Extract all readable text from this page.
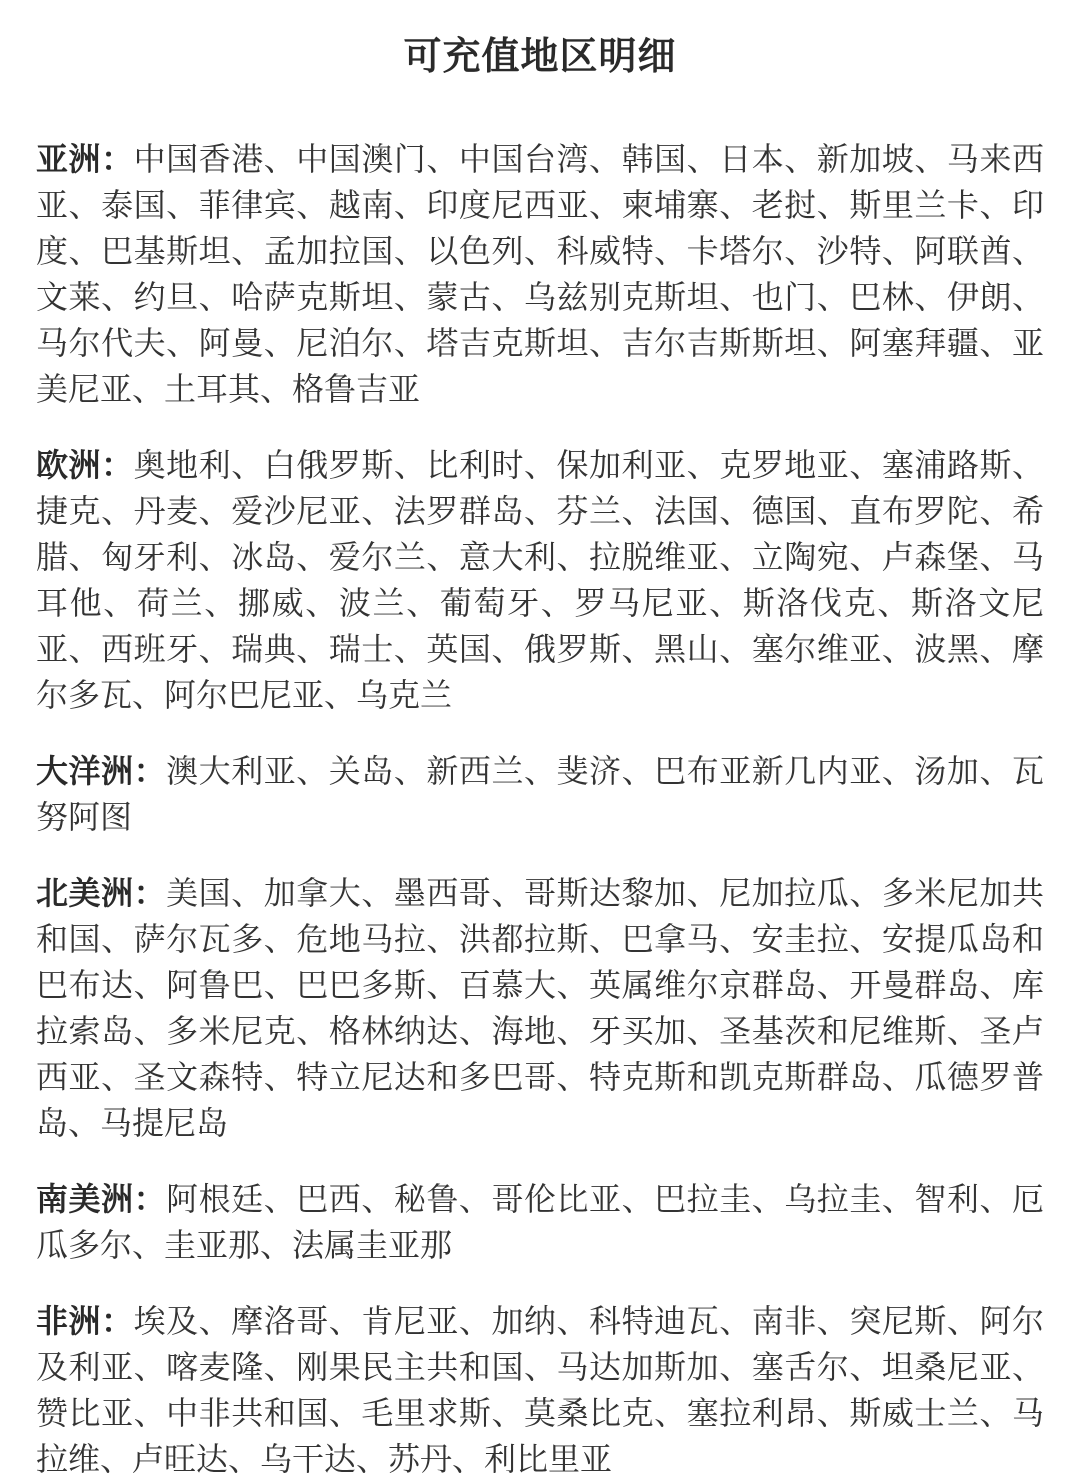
可充值地区明细

亚洲：中国香港、中国澳门、中国台湾、韩国、日本、新加坡、马来西亚、泰国、菲律宾、越南、印度尼西亚、柬埔寨、老挝、斯里兰卡、印度、巴基斯坦、孟加拉国、以色列、科威特、卡塔尔、沙特、阿联酋、文莱、约旦、哈萨克斯坦、蒙古、乌兹别克斯坦、也门、巴林、伊朗、马尔代夫、阿曼、尼泊尔、塔吉克斯坦、吉尔吉斯斯坦、阿塞拜疆、亚美尼亚、土耳其、格鲁吉亚

欧洲：奥地利、白俄罗斯、比利时、保加利亚、克罗地亚、塞浦路斯、捷克、丹麦、爱沙尼亚、法罗群岛、芬兰、法国、德国、直布罗陀、希腊、匈牙利、冰岛、爱尔兰、意大利、拉脱维亚、立陶宛、卢森堡、马耳他、荷兰、挪威、波兰、葡萄牙、罗马尼亚、斯洛伐克、斯洛文尼亚、西班牙、瑞典、瑞士、英国、俄罗斯、黑山、塞尔维亚、波黑、摩尔多瓦、阿尔巴尼亚、乌克兰

大洋洲：澳大利亚、关岛、新西兰、斐济、巴布亚新几内亚、汤加、瓦努阿图

北美洲：美国、加拿大、墨西哥、哥斯达黎加、尼加拉瓜、多米尼加共和国、萨尔瓦多、危地马拉、洪都拉斯、巴拿马、安圭拉、安提瓜岛和巴布达、阿鲁巴、巴巴多斯、百慕大、英属维尔京群岛、开曼群岛、库拉索岛、多米尼克、格林纳达、海地、牙买加、圣基茨和尼维斯、圣卢西亚、圣文森特、特立尼达和多巴哥、特克斯和凯克斯群岛、瓜德罗普岛、马提尼岛

南美洲：阿根廷、巴西、秘鲁、哥伦比亚、巴拉圭、乌拉圭、智利、厄瓜多尔、圭亚那、法属圭亚那

非洲：埃及、摩洛哥、肯尼亚、加纳、科特迪瓦、南非、突尼斯、阿尔及利亚、喀麦隆、刚果民主共和国、马达加斯加、塞舌尔、坦桑尼亚、赞比亚、中非共和国、毛里求斯、莫桑比克、塞拉利昂、斯威士兰、马拉维、卢旺达、乌干达、苏丹、利比里亚
